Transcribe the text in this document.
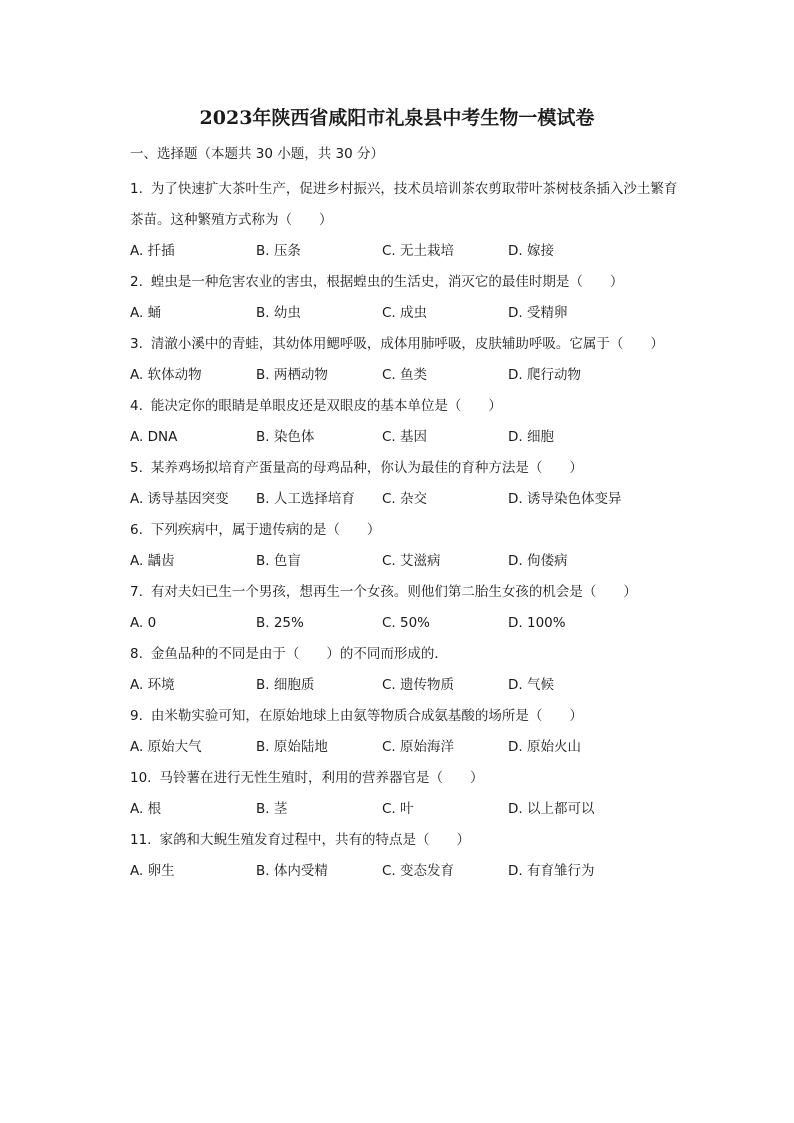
2023年陕西省咸阳市礼泉县中考生物一模试卷
一、选择题（本题共 30 小题，共 30 分）
1. 为了快速扩大茶叶生产，促进乡村振兴，技术员培训茶农剪取带叶茶树枝条插入沙土繁育茶苗。这种繁殖方式称为（　　）
A. 扦插	B. 压条	C. 无土栽培	D. 嫁接
2. 蝗虫是一种危害农业的害虫，根据蝗虫的生活史，消灭它的最佳时期是（　　）
A. 蛹	B. 幼虫	C. 成虫	D. 受精卵
3. 清澈小溪中的青蛙，其幼体用鳃呼吸，成体用肺呼吸，皮肤辅助呼吸。它属于（　　）
A. 软体动物	B. 两栖动物	C. 鱼类	D. 爬行动物
4. 能决定你的眼睛是单眼皮还是双眼皮的基本单位是（　　）
A. DNA	B. 染色体	C. 基因	D. 细胞
5. 某养鸡场拟培育产蛋量高的母鸡品种，你认为最佳的育种方法是（　　）
A. 诱导基因突变 B. 人工选择培育 C. 杂交	D. 诱导染色体变异
6. 下列疾病中，属于遗传病的是（　　）
A. 龋齿	B. 色盲	C. 艾滋病	D. 佝偻病
7. 有对夫妇已生一个男孩，想再生一个女孩。则他们第二胎生女孩的机会是（　　）
A. 0	B. 25%	C. 50%	D. 100%
8. 金鱼品种的不同是由于（　　）的不同而形成的．
A. 环境	B. 细胞质	C. 遗传物质	D. 气候
9. 由米勒实验可知，在原始地球上由氨等物质合成氨基酸的场所是（　　）
A. 原始大气	B. 原始陆地	C. 原始海洋	D. 原始火山
10. 马铃薯在进行无性生殖时，利用的营养器官是（　　）
A. 根	B. 茎	C. 叶	D. 以上都可以
11. 家鸽和大鲵生殖发育过程中，共有的特点是（　　）
A. 卵生	B. 体内受精	C. 变态发育	D. 有育雏行为
